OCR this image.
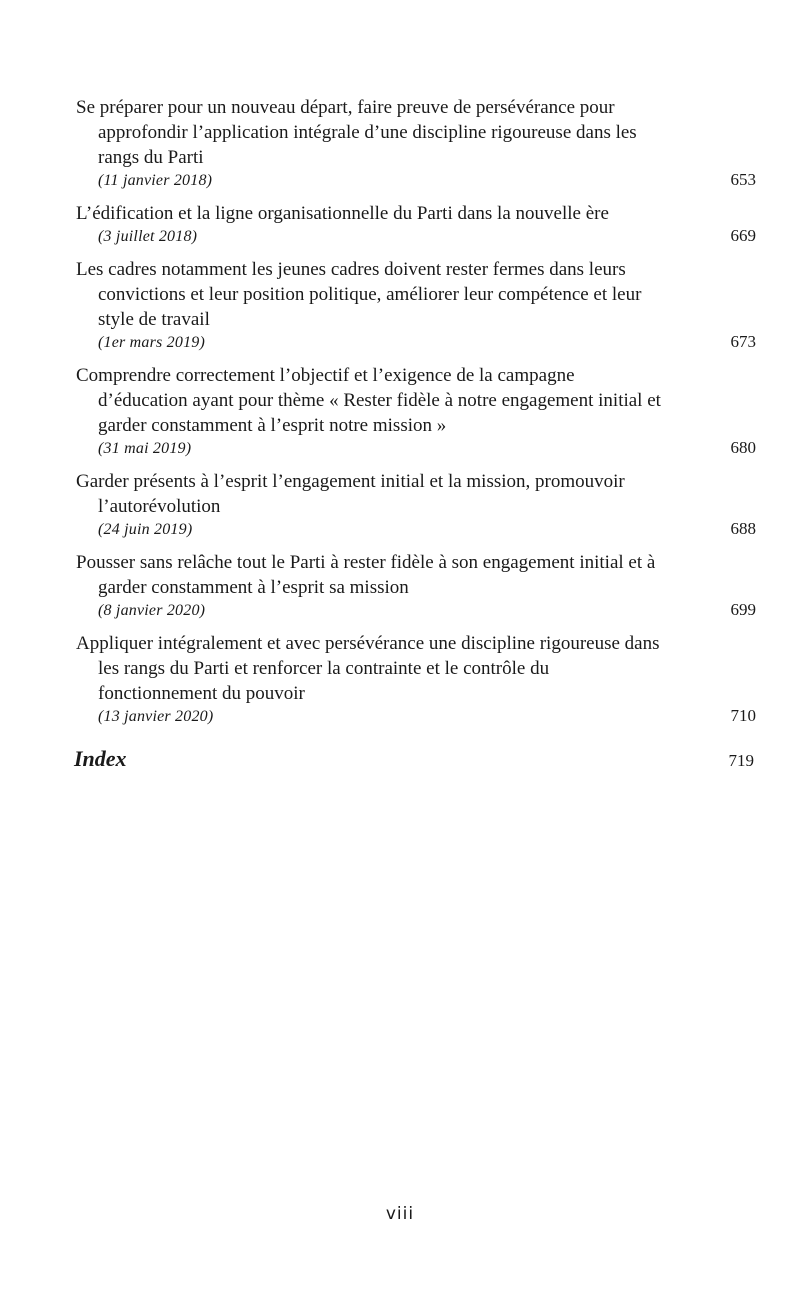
Se préparer pour un nouveau départ, faire preuve de persévérance pour approfondir l’application intégrale d’une discipline rigoureuse dans les rangs du Parti
(11 janvier 2018)	653
L’édification et la ligne organisationnelle du Parti dans la nouvelle ère
(3 juillet 2018)	669
Les cadres notamment les jeunes cadres doivent rester fermes dans leurs convictions et leur position politique, améliorer leur compétence et leur style de travail
(1er mars 2019)	673
Comprendre correctement l’objectif et l’exigence de la campagne d’éducation ayant pour thème « Rester fidèle à notre engagement initial et garder constamment à l’esprit notre mission »
(31 mai 2019)	680
Garder présents à l’esprit l’engagement initial et la mission, promouvoir l’autorévolution
(24 juin 2019)	688
Pousser sans relâche tout le Parti à rester fidèle à son engagement initial et à garder constamment à l’esprit sa mission
(8 janvier 2020)	699
Appliquer intégralement et avec persévérance une discipline rigoureuse dans les rangs du Parti et renforcer la contrainte et le contrôle du fonctionnement du pouvoir
(13 janvier 2020)	710
Index	719
viii
